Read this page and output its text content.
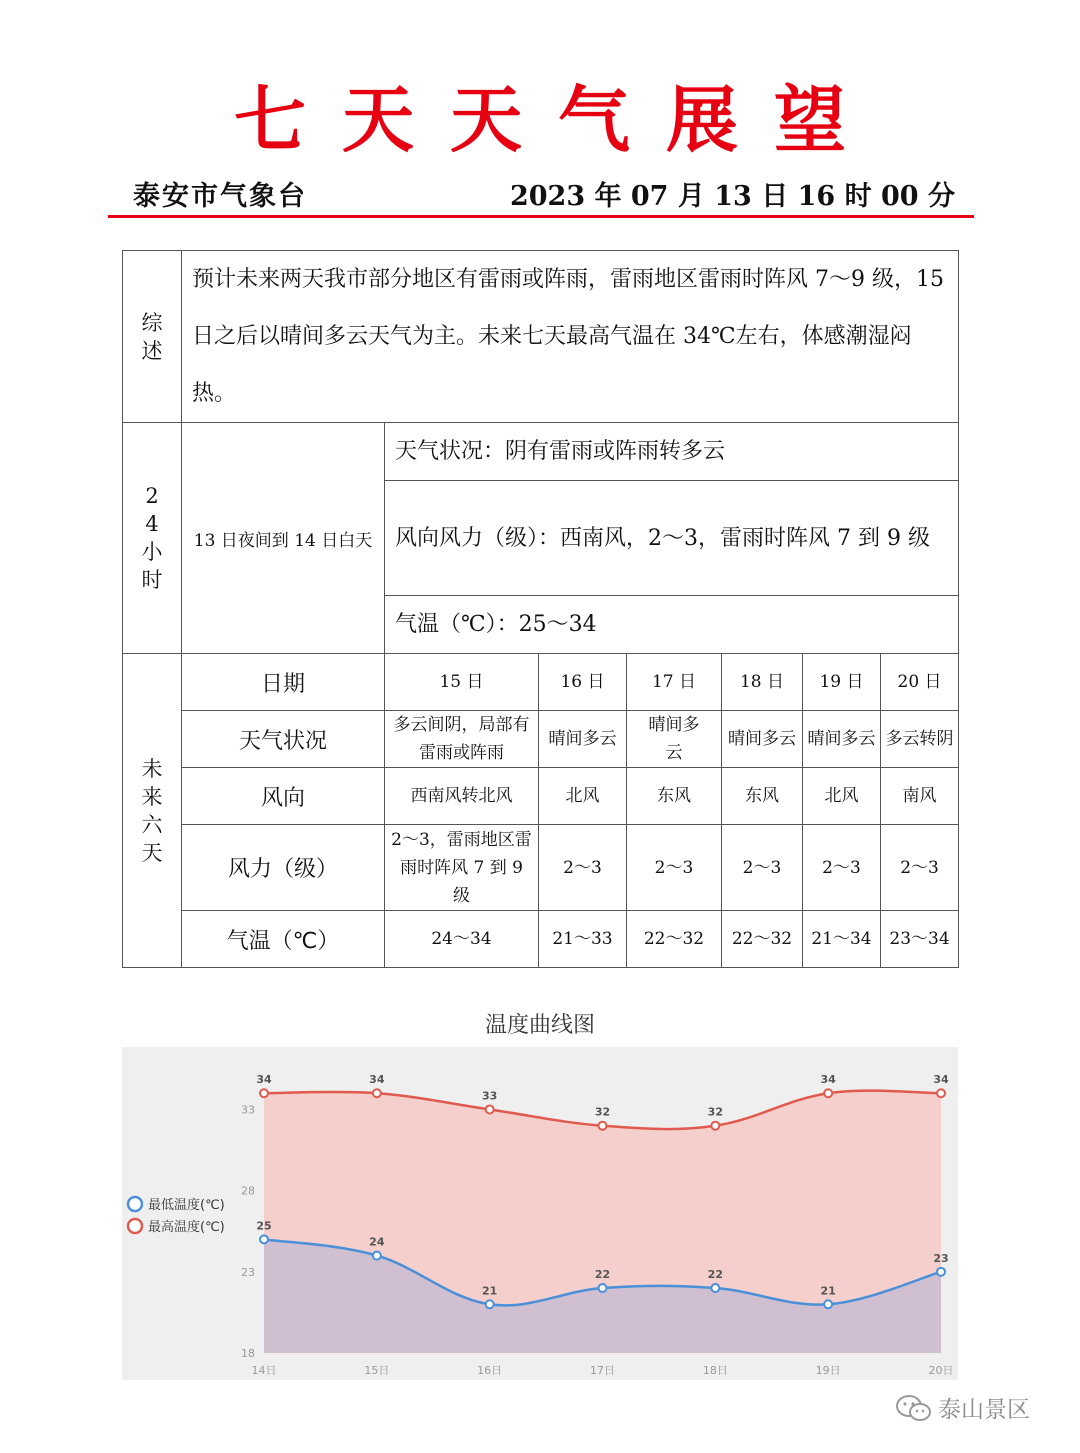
七天天气展望
泰安市气象台	2023 年 07 月 13 日 16 时 00 分
综述	预计未来两天我市部分地区有雷雨或阵雨，雷雨地区雷雨时阵风 7～9 级，15 日之后以晴间多云天气为主。未来七天最高气温在 34℃左右，体感潮湿闷热。						
24小时	13 日夜间到 14 日白天	天气状况：阴有雷雨或阵雨转多云					
		风向风力（级）：西南风，2～3，雷雨时阵风 7 到 9 级					
		气温（℃）：25～34					
未来六天	日期	15 日	16 日	17 日	18 日	19 日	20 日
	天气状况	多云间阴，局部有雷雨或阵雨	晴间多云	晴间多云	晴间多云	晴间多云	多云转阴
	风向	西南风转北风	北风	东风	东风	北风	南风
	风力（级）	2～3，雷雨地区雷雨时阵风 7 到 9 级	2～3	2～3	2～3	2～3	2～3
	气温（℃）	24～34	21～33	22～32	22～32	21～34	23～34
温度曲线图
18
23
28
33
14日	15日	16日	17日	18日	19日	20日
34	34
33
32	32
34	34
25
24
21
22	22
21
23
最低温度(℃)
最高温度(℃)
泰山景区
